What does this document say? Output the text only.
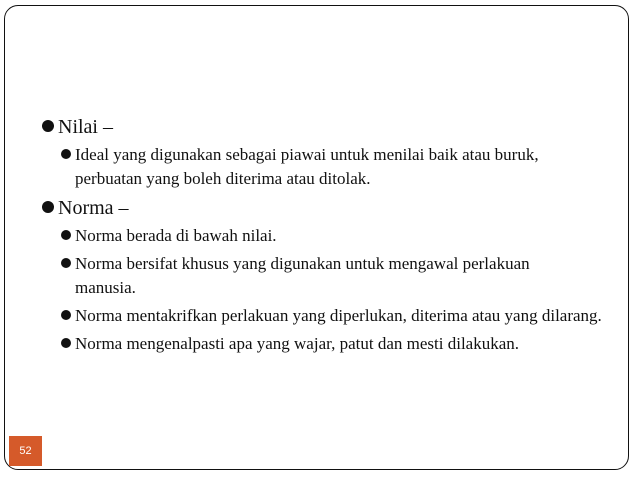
Nilai –
Ideal yang digunakan sebagai piawai untuk menilai baik atau buruk, perbuatan yang boleh diterima atau ditolak.
Norma –
Norma berada di bawah nilai.
Norma bersifat khusus yang digunakan untuk mengawal perlakuan manusia.
Norma mentakrifkan perlakuan yang diperlukan, diterima atau yang dilarang.
Norma mengenalpasti apa yang wajar, patut dan mesti dilakukan.
52
